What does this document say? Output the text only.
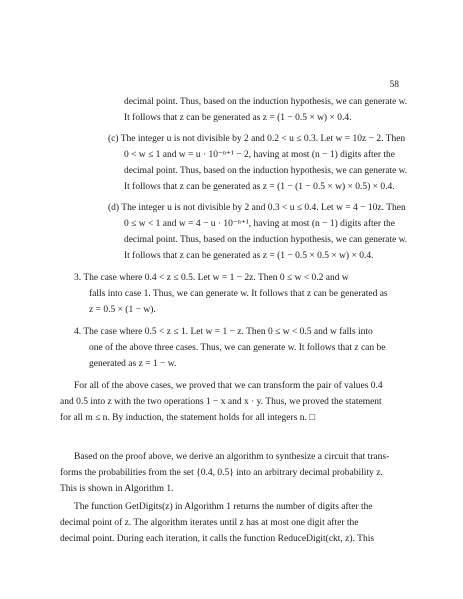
58
decimal point. Thus, based on the induction hypothesis, we can generate w.
It follows that z can be generated as z = (1 − 0.5 × w) × 0.4.
(c) The integer u is not divisible by 2 and 0.2 < u ≤ 0.3. Let w = 10z − 2. Then
0 < w ≤ 1 and w = u · 10⁻ⁿ⁺¹ − 2, having at most (n − 1) digits after the
decimal point. Thus, based on the induction hypothesis, we can generate w.
It follows that z can be generated as z = (1 − (1 − 0.5 × w) × 0.5) × 0.4.
(d) The integer u is not divisible by 2 and 0.3 < u ≤ 0.4. Let w = 4 − 10z. Then
0 ≤ w < 1 and w = 4 − u · 10⁻ⁿ⁺¹, having at most (n − 1) digits after the
decimal point. Thus, based on the induction hypothesis, we can generate w.
It follows that z can be generated as z = (1 − 0.5 × 0.5 × w) × 0.4.
3. The case where 0.4 < z ≤ 0.5. Let w = 1 − 2z. Then 0 ≤ w < 0.2 and w
falls into case 1. Thus, we can generate w. It follows that z can be generated as
z = 0.5 × (1 − w).
4. The case where 0.5 < z ≤ 1. Let w = 1 − z. Then 0 ≤ w < 0.5 and w falls into
one of the above three cases. Thus, we can generate w. It follows that z can be
generated as z = 1 − w.
For all of the above cases, we proved that we can transform the pair of values 0.4
and 0.5 into z with the two operations 1 − x and x · y. Thus, we proved the statement
for all m ≤ n. By induction, the statement holds for all integers n. □
Based on the proof above, we derive an algorithm to synthesize a circuit that trans-
forms the probabilities from the set {0.4, 0.5} into an arbitrary decimal probability z.
This is shown in Algorithm 1.
The function GetDigits(z) in Algorithm 1 returns the number of digits after the
decimal point of z. The algorithm iterates until z has at most one digit after the
decimal point. During each iteration, it calls the function ReduceDigit(ckt, z). This
